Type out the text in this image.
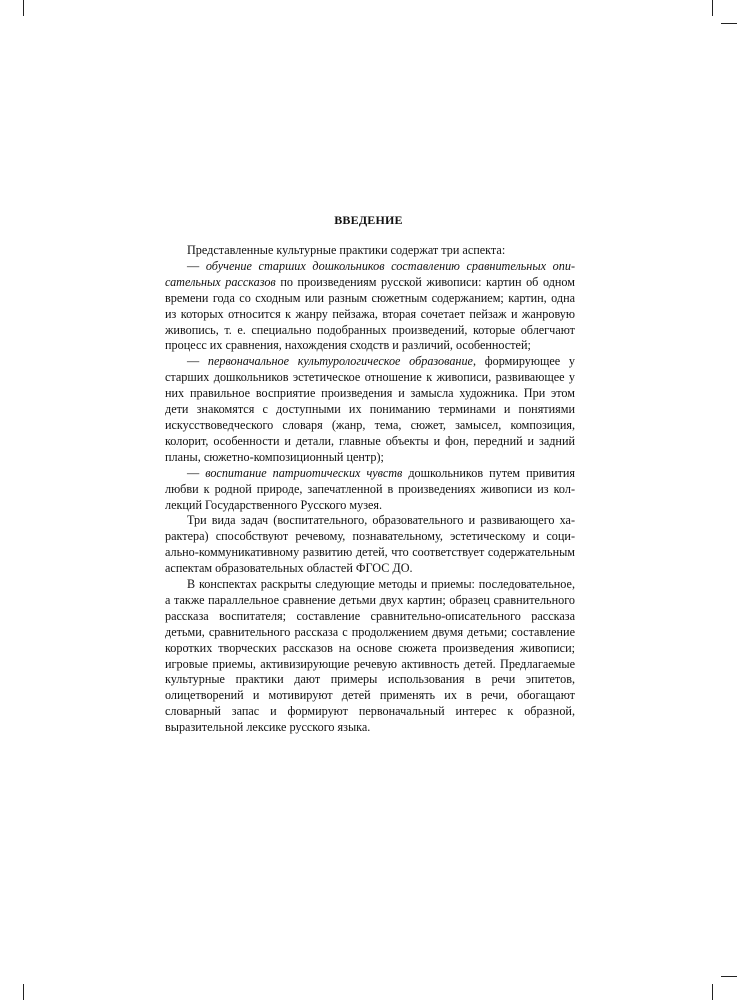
ВВЕДЕНИЕ

Представленные культурные практики содержат три аспекта:

— обучение старших дошкольников составлению сравнительных описательных рассказов по произведениям русской живописи: картин об одном времени года со сходным или разным сюжетным содержанием; картин, одна из которых относится к жанру пейзажа, вторая сочетает пейзаж и жанровую живопись, т. е. специально подобранных произведений, которые облегчают процесс их сравнения, нахождения сходств и различий, особенностей;

— первоначальное культурологическое образование, формирующее у старших дошкольников эстетическое отношение к живописи, развивающее у них правильное восприятие произведения и замысла художника. При этом дети знакомятся с доступными их пониманию терминами и понятиями искусствоведческого словаря (жанр, тема, сюжет, замысел, композиция, колорит, особенности и детали, главные объекты и фон, передний и задний планы, сюжетно-композиционный центр);

— воспитание патриотических чувств дошкольников путем привития любви к родной природе, запечатленной в произведениях живописи из коллекций Государственного Русского музея.

Три вида задач (воспитательного, образовательного и развивающего характера) способствуют речевому, познавательному, эстетическому и социально-коммуникативному развитию детей, что соответствует содержательным аспектам образовательных областей ФГОС ДО.

В конспектах раскрыты следующие методы и приемы: последовательное, а также параллельное сравнение детьми двух картин; образец сравнительного рассказа воспитателя; составление сравнительно-описательного рассказа детьми, сравнительного рассказа с продолжением двумя детьми; составление коротких творческих рассказов на основе сюжета произведения живописи; игровые приемы, активизирующие речевую активность детей. Предлагаемые культурные практики дают примеры использования в речи эпитетов, олицетворений и мотивируют детей применять их в речи, обогащают словарный запас и формируют первоначальный интерес к образной, выразительной лексике русского языка.
